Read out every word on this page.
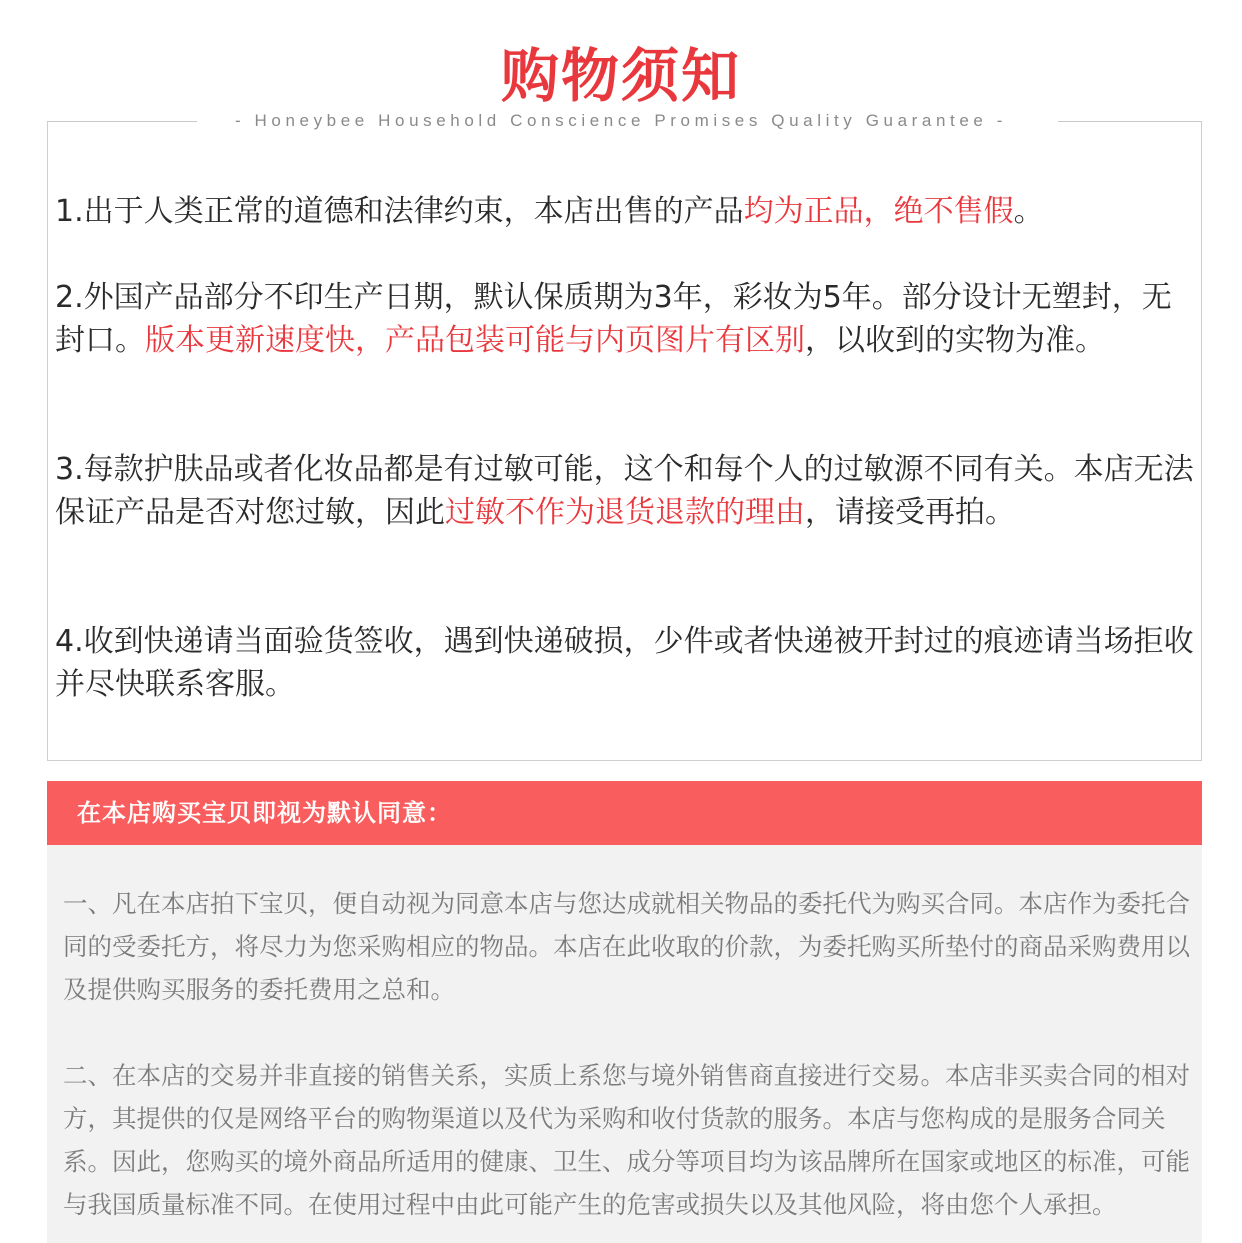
购物须知
- Honeybee Household Conscience Promises Quality Guarantee -

1.出于人类正常的道德和法律约束，本店出售的产品均为正品，绝不售假。

2.外国产品部分不印生产日期，默认保质期为3年，彩妆为5年。部分设计无塑封，无封口。版本更新速度快，产品包装可能与内页图片有区别，以收到的实物为准。

3.每款护肤品或者化妆品都是有过敏可能，这个和每个人的过敏源不同有关。本店无法保证产品是否对您过敏，因此过敏不作为退货退款的理由，请接受再拍。

4.收到快递请当面验货签收，遇到快递破损，少件或者快递被开封过的痕迹请当场拒收并尽快联系客服。

在本店购买宝贝即视为默认同意：

一、凡在本店拍下宝贝，便自动视为同意本店与您达成就相关物品的委托代为购买合同。本店作为委托合同的受委托方，将尽力为您采购相应的物品。本店在此收取的价款，为委托购买所垫付的商品采购费用以及提供购买服务的委托费用之总和。

二、在本店的交易并非直接的销售关系，实质上系您与境外销售商直接进行交易。本店非买卖合同的相对方，其提供的仅是网络平台的购物渠道以及代为采购和收付货款的服务。本店与您构成的是服务合同关系。因此，您购买的境外商品所适用的健康、卫生、成分等项目均为该品牌所在国家或地区的标准，可能与我国质量标准不同。在使用过程中由此可能产生的危害或损失以及其他风险，将由您个人承担。
